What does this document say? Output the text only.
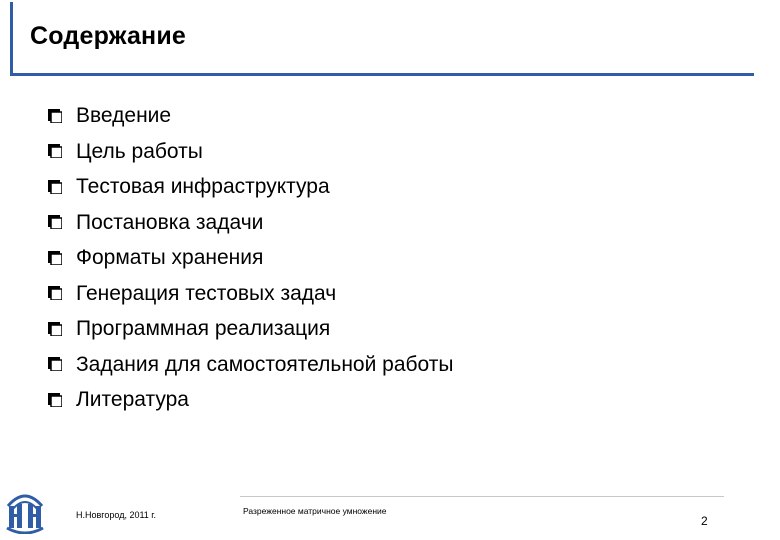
Содержание
Введение
Цель работы
Тестовая инфраструктура
Постановка задачи
Форматы хранения
Генерация тестовых задач
Программная реализация
Задания для самостоятельной работы
Литература
Н.Новгород, 2011 г.	Разреженное матричное умножение
2
